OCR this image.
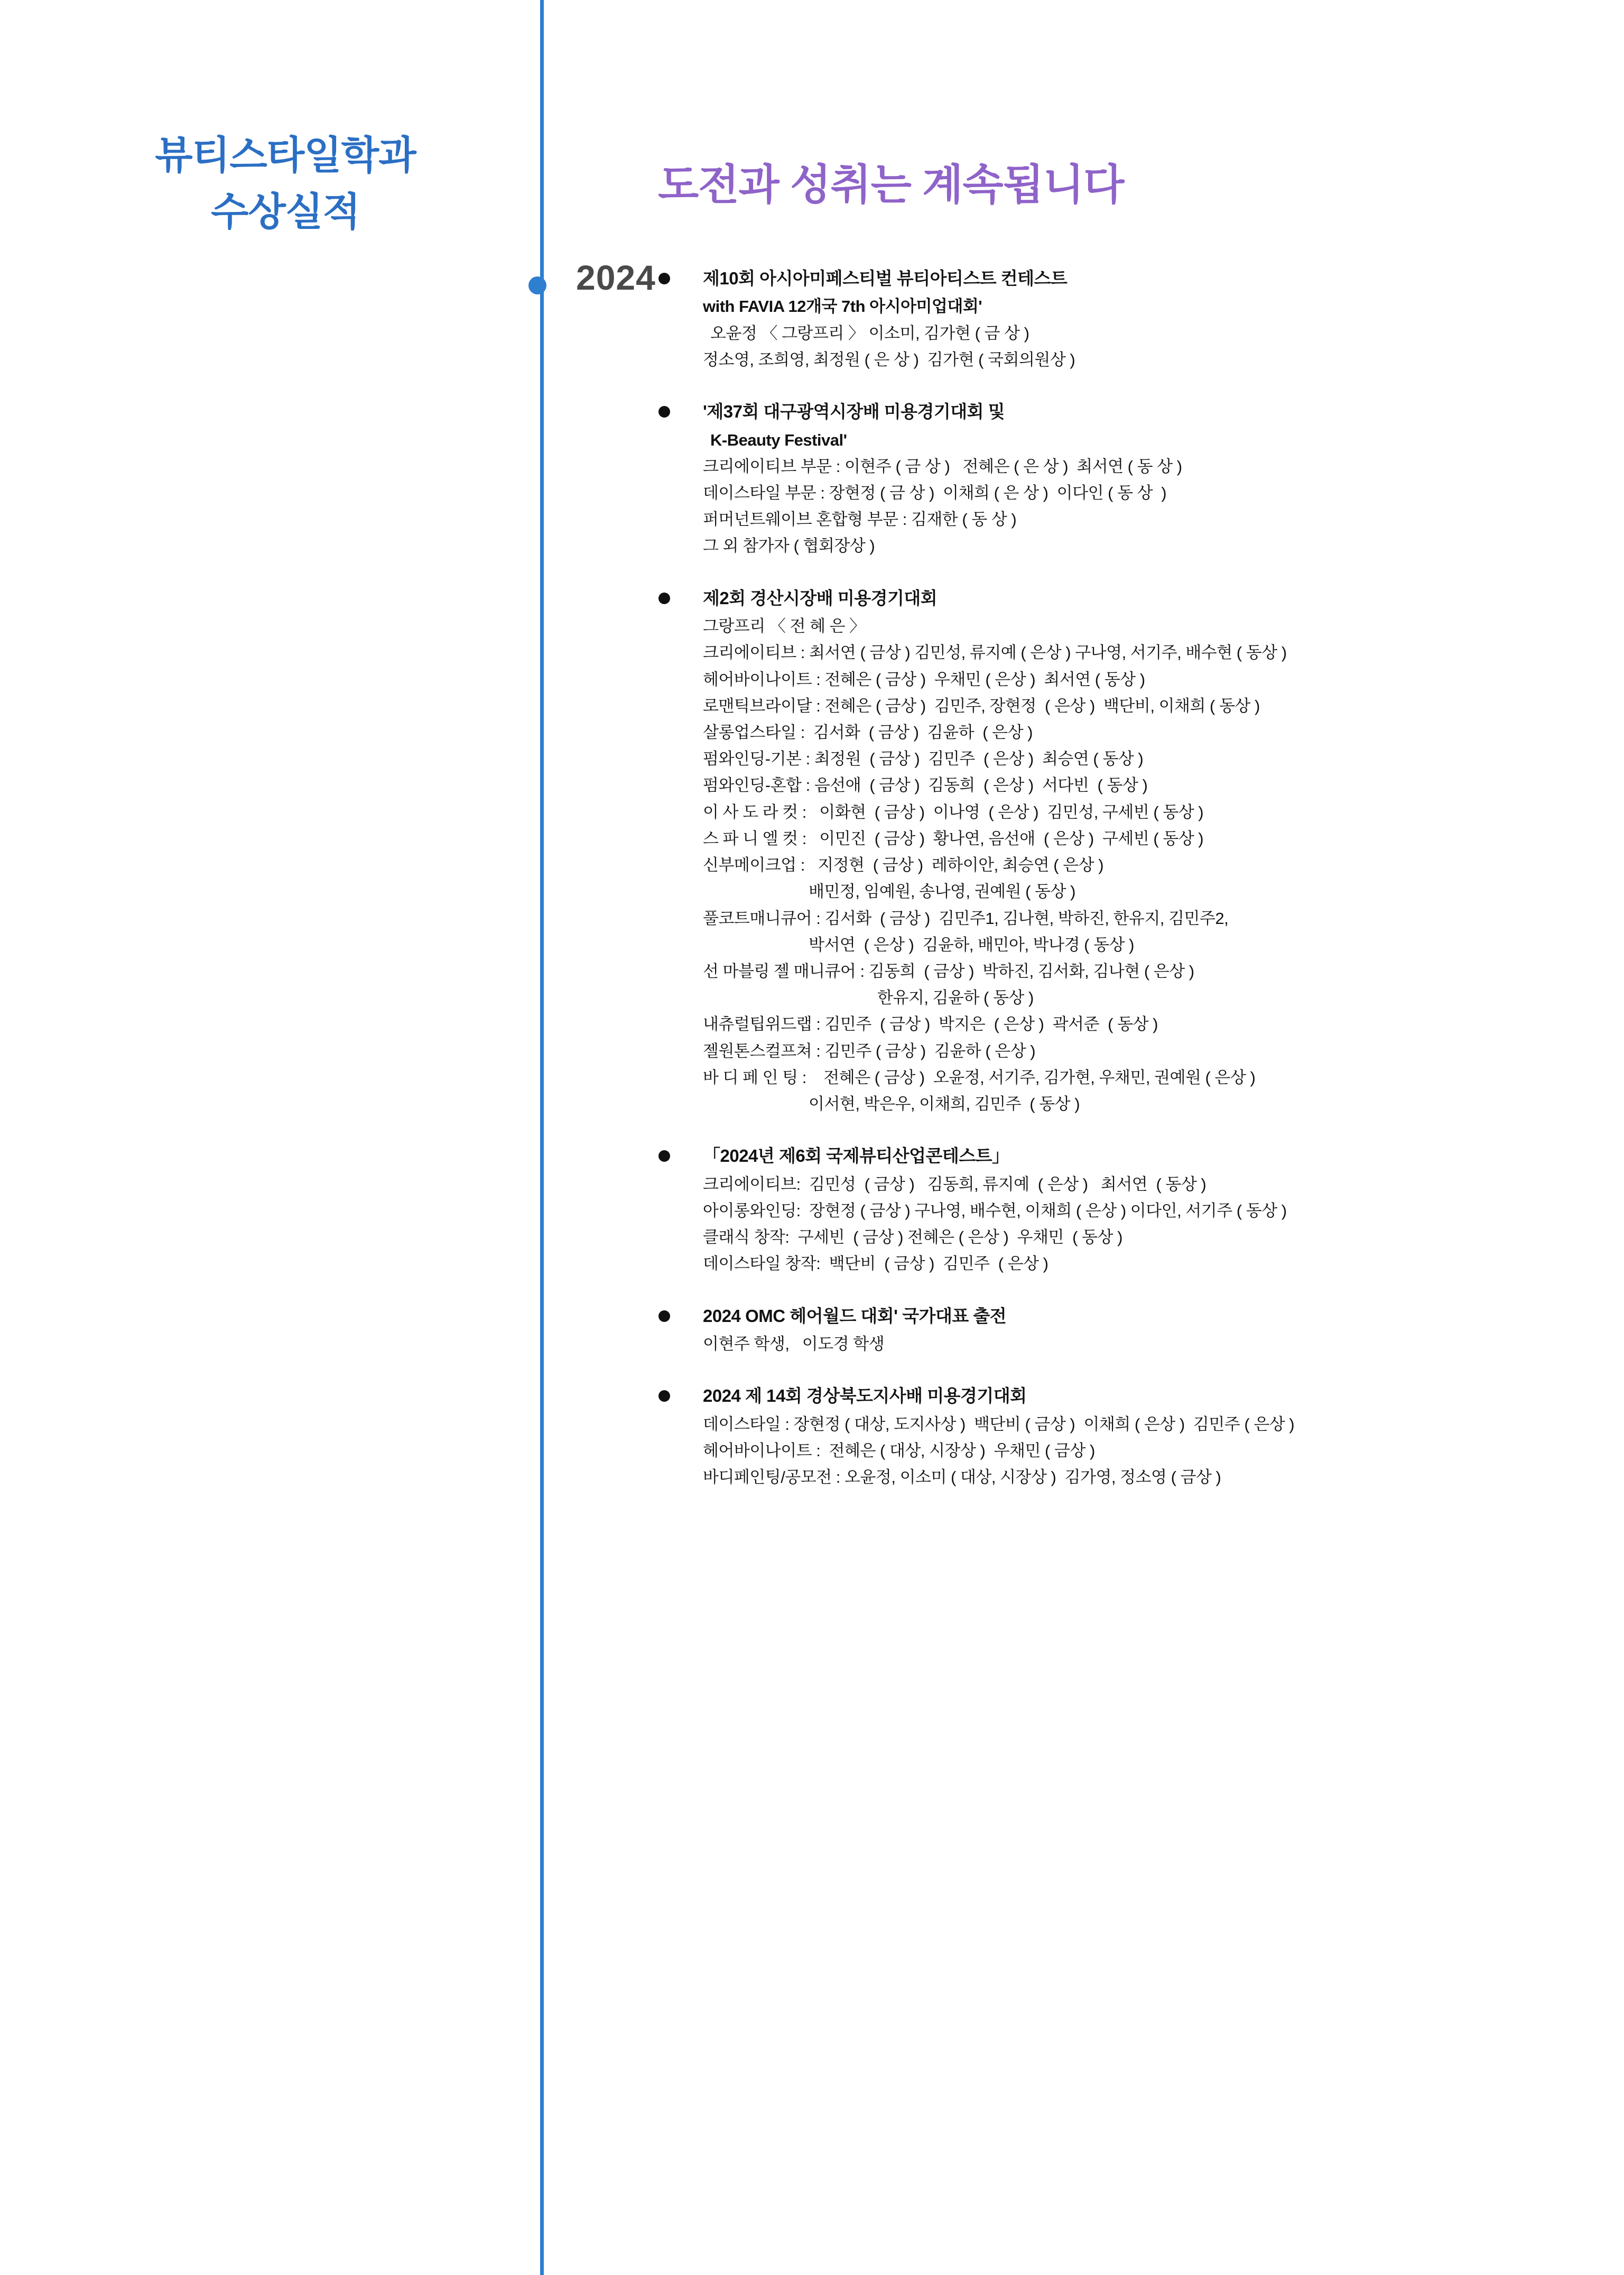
뷰티스타일학과
수상실적
도전과 성취는 계속됩니다
2024	제10회 아시아미페스티벌 뷰티아티스트 컨테스트
with FAVIA 12개국 7th 아시아미업대회'
오윤정 〈 그랑프리 〉 이소미, 김가현 ( 금 상 )
정소영, 조희영, 최정원 ( 은 상 )  김가현 ( 국회의원상 )
'제37회 대구광역시장배 미용경기대회 및
K-Beauty Festival'
크리에이티브 부문 : 이현주 ( 금 상 )   전혜은 ( 은 상 )  최서연 ( 동 상 )
데이스타일 부문 : 장현정 ( 금 상 )  이채희 ( 은 상 )  이다인 ( 동 상  )
퍼머넌트웨이브 혼합형 부문 : 김재한 ( 동 상 )
그 외 참가자 ( 협회장상 )
제2회 경산시장배 미용경기대회
그랑프리 〈 전 혜 은 〉
크리에이티브 : 최서연 ( 금상 ) 김민성, 류지예 ( 은상 ) 구나영, 서기주, 배수현 ( 동상 )
헤어바이나이트 : 전혜은 ( 금상 )  우채민 ( 은상 )  최서연 ( 동상 )
로맨틱브라이달 : 전혜은 ( 금상 )  김민주, 장현정  ( 은상 )  백단비, 이채희 ( 동상 )
살롱업스타일 :  김서화  ( 금상 )  김윤하  ( 은상 )
펌와인딩-기본 : 최정원  ( 금상 )  김민주  ( 은상 )  최승연 ( 동상 )
펌와인딩-혼합 : 음선애  ( 금상 )  김동희  ( 은상 )  서다빈  ( 동상 )
이 사 도 라 컷 :   이화현  ( 금상 )  이나영  ( 은상 )  김민성, 구세빈 ( 동상 )
스 파 니 엘 컷 :   이민진  ( 금상 )  황나연, 음선애  ( 은상 )  구세빈 ( 동상 )
신부메이크업 :   지정현  ( 금상 )  레하이안, 최승연 ( 은상 )
배민정, 임예원, 송나영, 권예원 ( 동상 )
풀코트매니큐어 : 김서화  ( 금상 )  김민주1, 김나현, 박하진, 한유지, 김민주2,
박서연  ( 은상 )  김윤하, 배민아, 박나경 ( 동상 )
선 마블링 젤 매니큐어 : 김동희  ( 금상 )  박하진, 김서화, 김나현 ( 은상 )
한유지, 김윤하 ( 동상 )
내츄럴팁위드랩 : 김민주  ( 금상 )  박지은  ( 은상 )  곽서준  ( 동상 )
젤원톤스컬프쳐 : 김민주 ( 금상 )  김윤하 ( 은상 )
바 디 페 인 팅 :    전혜은 ( 금상 )  오윤정, 서기주, 김가현, 우채민, 권예원 ( 은상 )
이서현, 박은우, 이채희, 김민주  ( 동상 )
「2024년 제6회 국제뷰티산업콘테스트」
크리에이티브:  김민성  ( 금상 )   김동희, 류지예  ( 은상 )   최서연  ( 동상 )
아이롱와인딩:  장현정 ( 금상 ) 구나영, 배수현, 이채희 ( 은상 ) 이다인, 서기주 ( 동상 )
클래식 창작:  구세빈  ( 금상 ) 전혜은 ( 은상 )  우채민  ( 동상 )
데이스타일 창작:  백단비  ( 금상 )  김민주  ( 은상 )
2024 OMC 헤어월드 대회' 국가대표 출전
이현주 학생,   이도경 학생
2024 제 14회 경상북도지사배 미용경기대회
데이스타일 : 장현정 ( 대상, 도지사상 )  백단비 ( 금상 )  이채희 ( 은상 )  김민주 ( 은상 )
헤어바이나이트 :  전혜은 ( 대상, 시장상 )  우채민 ( 금상 )
바디페인팅/공모전 : 오윤정, 이소미 ( 대상, 시장상 )  김가영, 정소영 ( 금상 )
